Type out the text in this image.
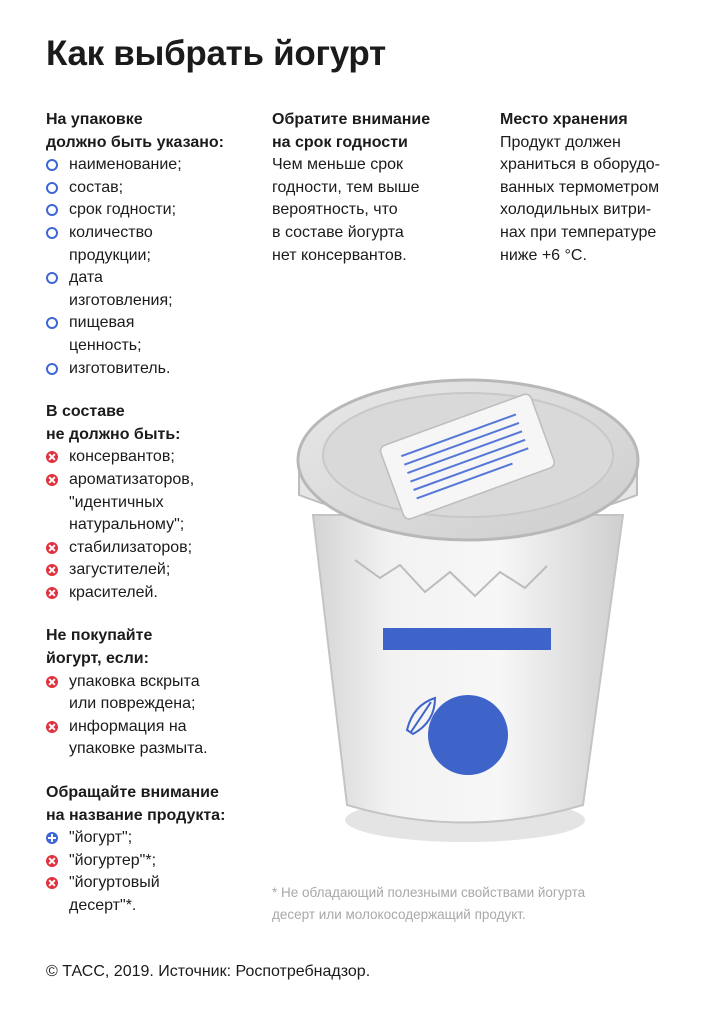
Как выбрать йогурт
На упаковке
должно быть указано:
наименование;
состав;
срок годности;
количество
продукции;
дата
изготовления;
пищевая
ценность;
изготовитель.
В составе
не должно быть:
консервантов;
ароматизаторов,
"идентичных
натуральному";
стабилизаторов;
загустителей;
красителей.
Не покупайте
йогурт, если:
упаковка вскрыта
или повреждена;
информация на
упаковке размыта.
Обращайте внимание
на название продукта:
"йогурт";
"йогуртер"*;
"йогуртовый
десерт"*.
Обратите внимание
на срок годности

Чем меньше срок
годности, тем выше
вероятность, что
в составе йогурта
нет консервантов.

Место хранения

Продукт должен
храниться в оборудо-
ванных термометром
холодильных витри-
нах при температуре
ниже +6 °С.

* Не обладающий полезными свойствами йогурта
десерт или молокосодержащий продукт.

© ТАСС, 2019. Источник: Роспотребнадзор.
